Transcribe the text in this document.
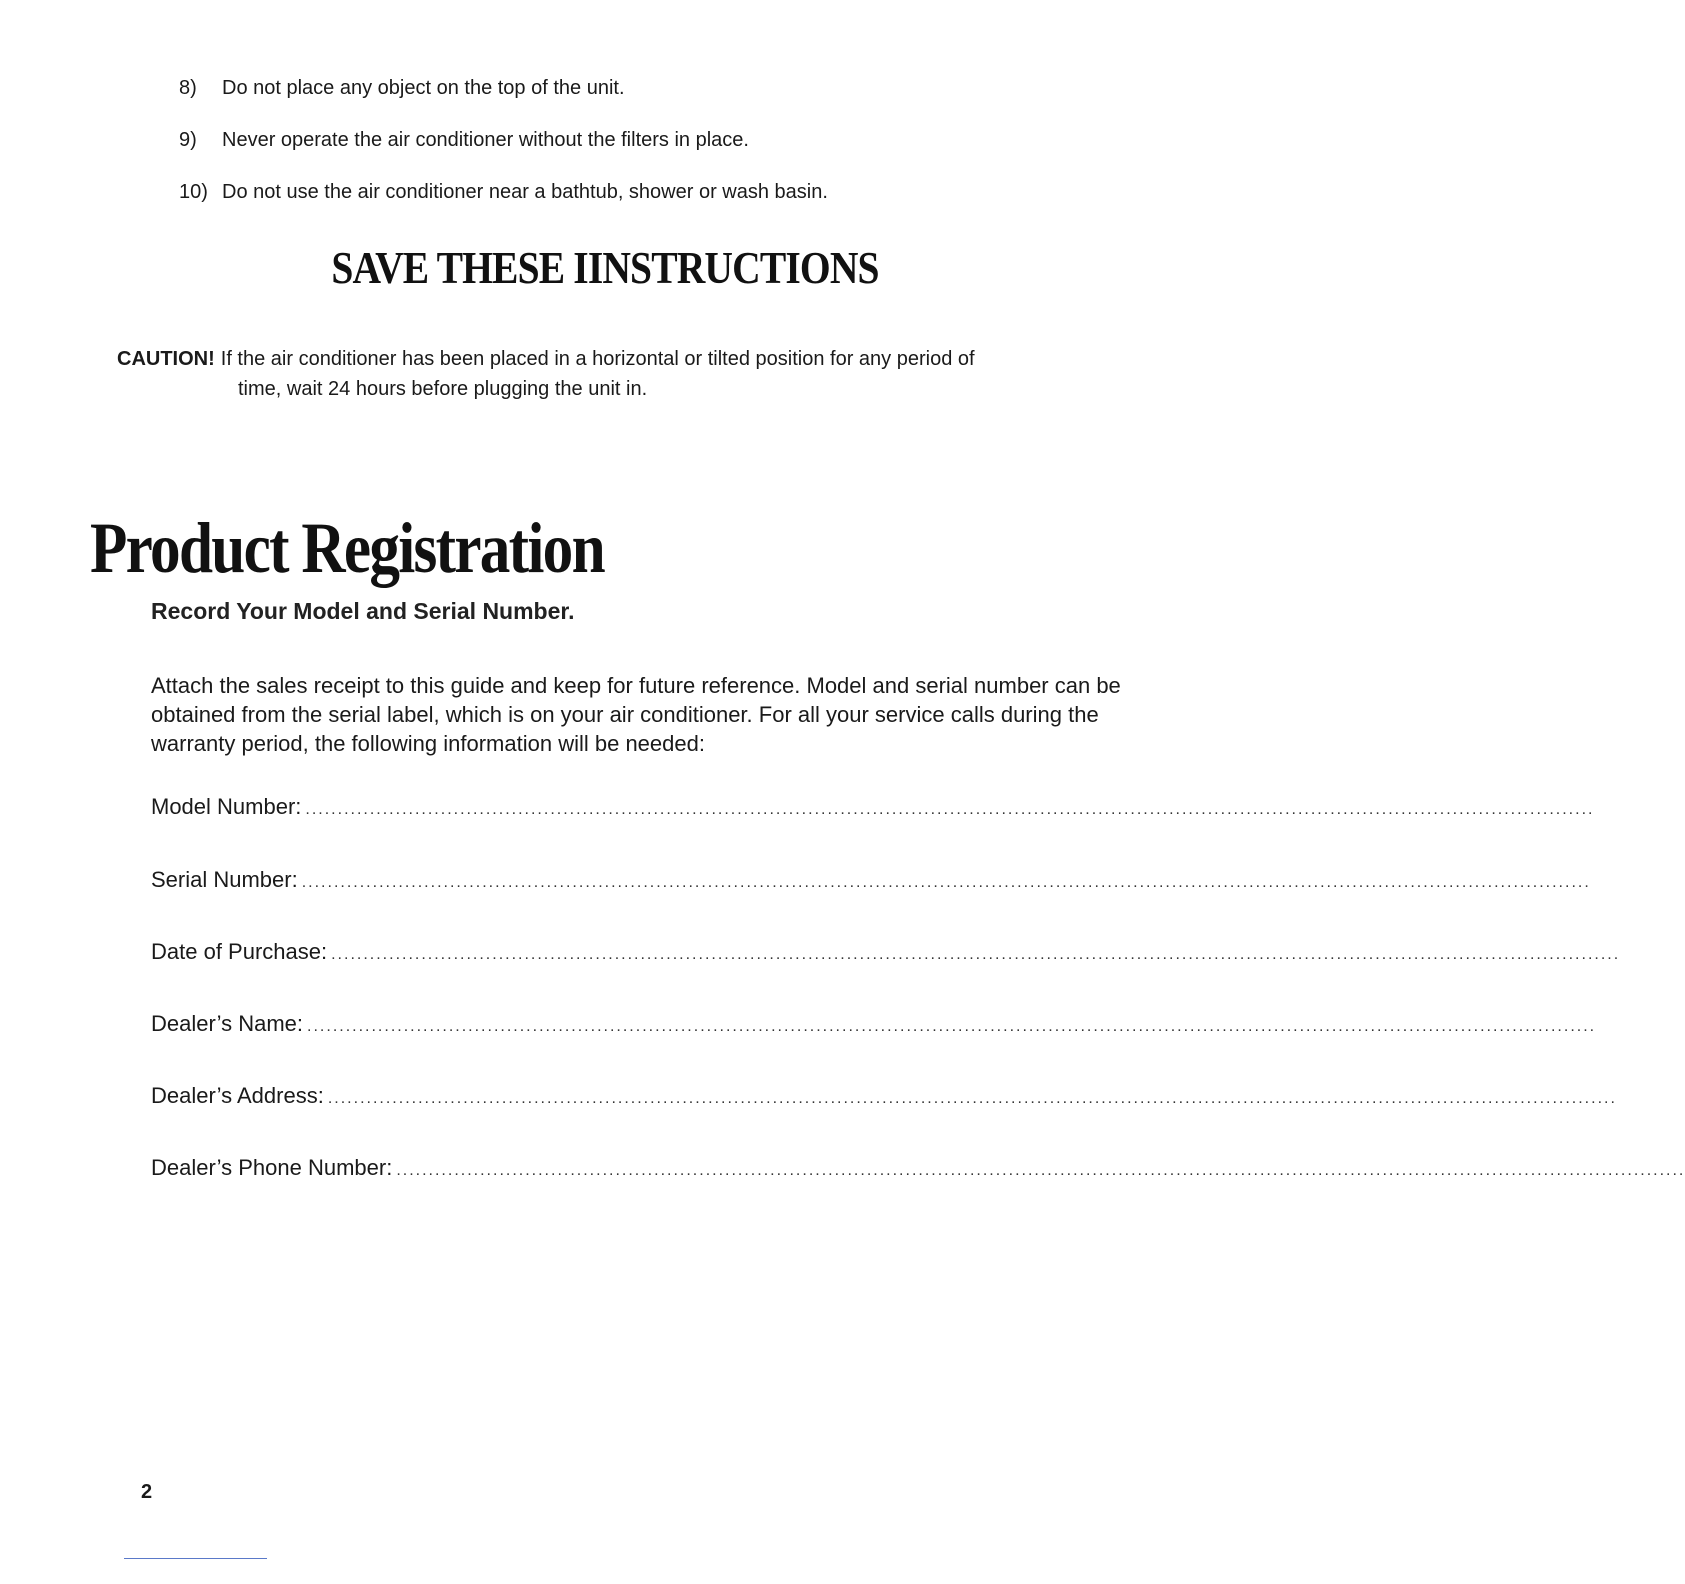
8) Do not place any object on the top of the unit.
9) Never operate the air conditioner without the filters in place.
10) Do not use the air conditioner near a bathtub, shower or wash basin.
SAVE THESE IINSTRUCTIONS
CAUTION! If the air conditioner has been placed in a horizontal or tilted position for any period of
time, wait 24 hours before plugging the unit in.
Product Registration
Record Your Model and Serial Number.
Attach the sales receipt to this guide and keep for future reference. Model and serial number can be obtained from the serial label, which is on your air conditioner. For all your service calls during the warranty period, the following information will be needed:
Model Number: ........................................................................................................................................................................................................
Serial Number: ........................................................................................................................................................................................................
Date of Purchase: ........................................................................................................................................................................................................
Dealer’s Name: ........................................................................................................................................................................................................
Dealer’s Address: ........................................................................................................................................................................................................
Dealer’s Phone Number: ........................................................................................................................................................................................................
2
